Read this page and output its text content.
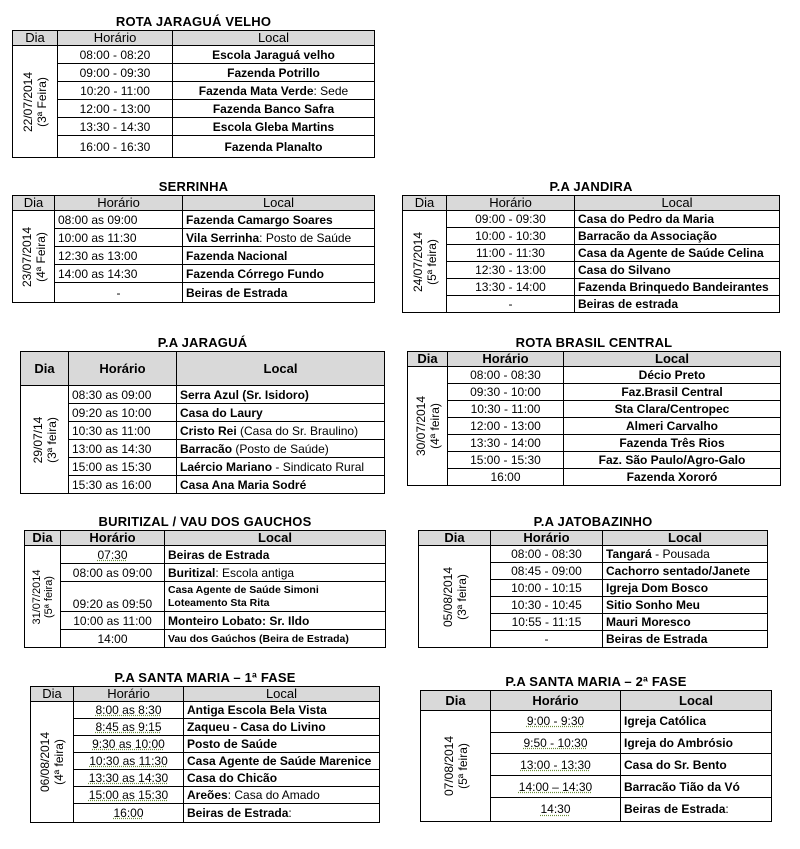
ROTA JARAGUÁ VELHO
Dia	Horário	Local

22/07/2014 (3ª Feira)	08:00 - 08:20	Escola Jaraguá velho
	09:00 - 09:30	Fazenda Potrillo
	10:20 - 11:00	Fazenda Mata Verde: Sede
	12:00 - 13:00	Fazenda Banco Safra
	13:30 - 14:30	Escola Gleba Martins
	16:00 - 16:30	Fazenda Planalto
SERRINHA
Dia	Horário	Local

23/07/2014 (4ª Feira)	08:00 as 09:00	Fazenda Camargo Soares
	10:00 as 11:30	Vila Serrinha: Posto de Saúde
	12:30 as 13:00	Fazenda Nacional
	14:00 as 14:30	Fazenda Córrego Fundo
	-	Beiras de Estrada
P.A JANDIRA
Dia	Horário	Local

24/07/2014 (5ª feira)	09:00 - 09:30	Casa do Pedro da Maria
	10:00 - 10:30	Barracão da Associação
	11:00 - 11:30	Casa da Agente de Saúde Celina
	12:30 - 13:00	Casa do Silvano
	13:30 - 14:00	Fazenda Brinquedo Bandeirantes
	-	Beiras de estrada
P.A JARAGUÁ
Dia	Horário	Local

29/07/14 (3ª feira)	08:30 as 09:00	Serra Azul (Sr. Isidoro)
	09:20 as 10:00	Casa do Laury
	10:30 as 11:00	Cristo Rei (Casa do Sr. Braulino)
	13:00 as 14:30	Barracão (Posto de Saúde)
	15:00 as 15:30	Laércio Mariano - Sindicato Rural
	15:30 as 16:00	Casa Ana Maria Sodré
ROTA BRASIL CENTRAL
Dia	Horário	Local

30/07/2014 (4ª feira)	08:00 - 08:30	Décio Preto
	09:30 - 10:00	Faz.Brasil Central
	10:30 - 11:00	Sta Clara/Centropec
	12:00 - 13:00	Almeri Carvalho
	13:30 - 14:00	Fazenda Três Rios
	15:00 - 15:30	Faz. São Paulo/Agro-Galo
	16:00	Fazenda Xororó
BURITIZAL / VAU DOS GAUCHOS
Dia	Horário	Local

31/07/2014 (5ª feira)	07:30	Beiras de Estrada
	08:00 as 09:00	Buritizal: Escola antiga
	09:20 as 09:50	Casa Agente de Saúde Simoni
Loteamento Sta Rita

	10:00 as 11:00	Monteiro Lobato: Sr. Ildo
	14:00	Vau dos Gaúchos (Beira de Estrada)
P.A JATOBAZINHO
Dia	Horário	Local

05/08/2014 (3ª feira)	08:00 - 08:30	Tangará - Pousada
	08:45 - 09:00	Cachorro sentado/Janete
	10:00 - 10:15	Igreja Dom Bosco
	10:30 - 10:45	Sitio Sonho Meu
	10:55 - 11:15	Mauri Moresco
	-	Beiras de Estrada
P.A SANTA MARIA – 1ª FASE
Dia	Horário	Local

06/08/2014 (4ª feira)	8:00 as 8:30	Antiga Escola Bela Vista
	8:45 as 9:15	Zaqueu - Casa do Livino
	9:30 as 10:00	Posto de Saúde
	10:30 as 11:30	Casa Agente de Saúde Marenice
	13:30 as 14:30	Casa do Chicão
	15:00 as 15:30	Areões: Casa do Amado
	16:00	Beiras de Estrada:
P.A SANTA MARIA – 2ª FASE
Dia	Horário	Local

07/08/2014 (5ª feira)	9:00 - 9:30	Igreja Católica
	9:50 - 10:30	Igreja do Ambrósio
	13:00 - 13:30	Casa do Sr. Bento
	14:00 – 14:30	Barracão Tião da Vó
	14:30	Beiras de Estrada:
